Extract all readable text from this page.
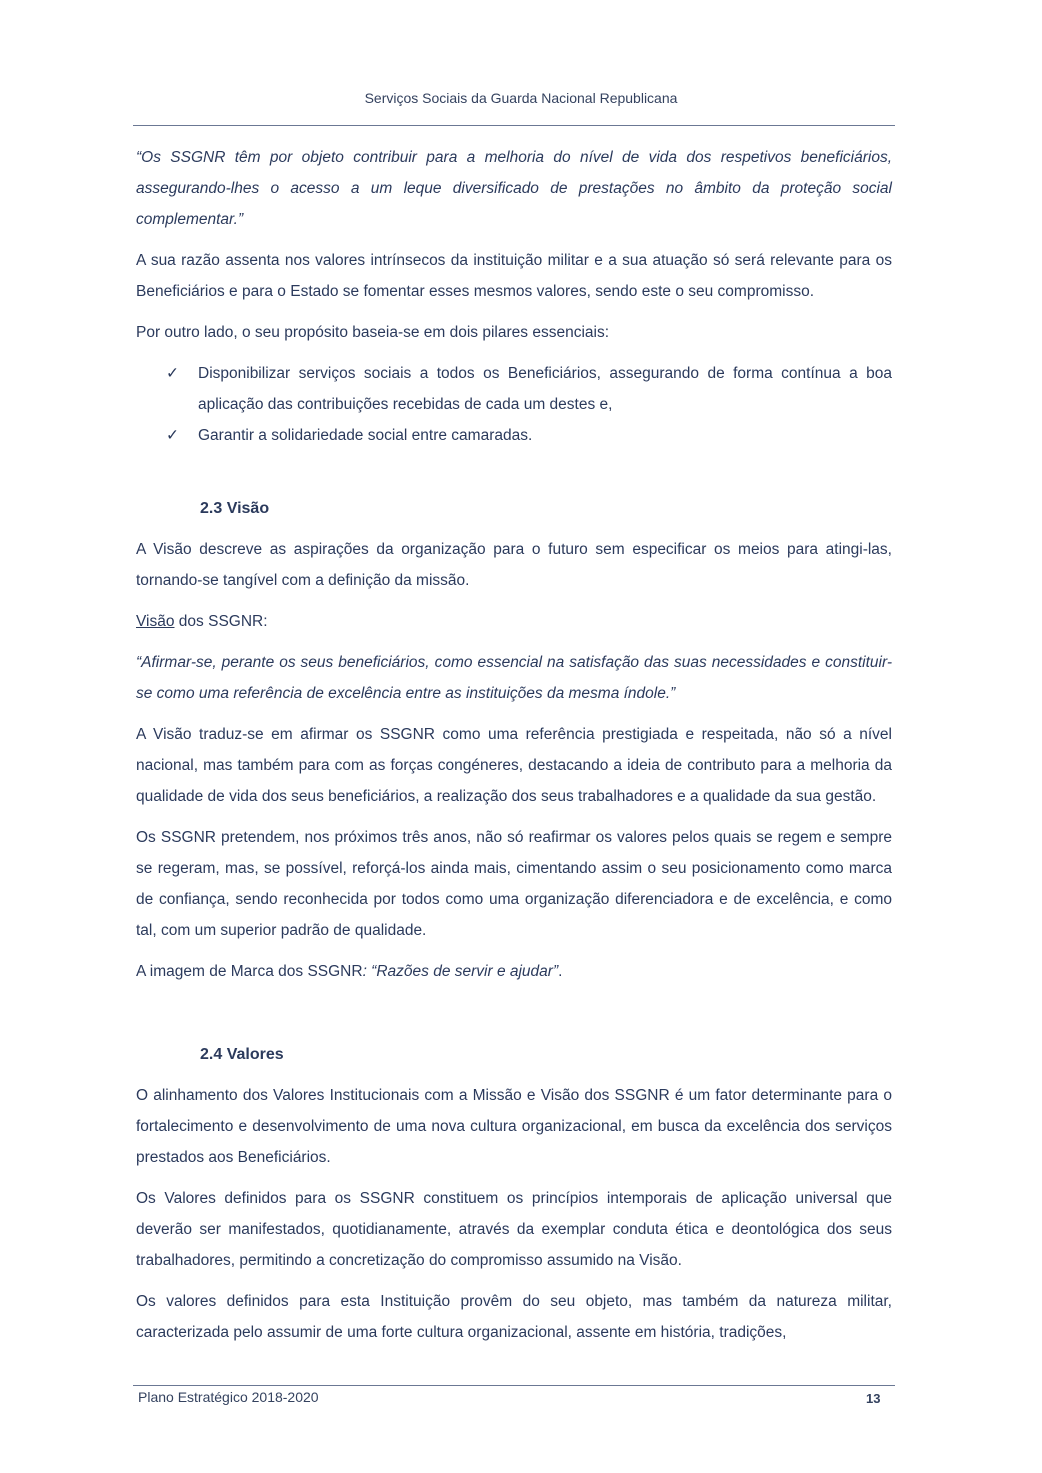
Serviços Sociais da Guarda Nacional Republicana

“Os SSGNR têm por objeto contribuir para a melhoria do nível de vida dos respetivos beneficiários, assegurando-lhes o acesso a um leque diversificado de prestações no âmbito da proteção social complementar.”

A sua razão assenta nos valores intrínsecos da instituição militar e a sua atuação só será relevante para os Beneficiários e para o Estado se fomentar esses mesmos valores, sendo este o seu compromisso.

Por outro lado, o seu propósito baseia-se em dois pilares essenciais:

✓ Disponibilizar serviços sociais a todos os Beneficiários, assegurando de forma contínua a boa aplicação das contribuições recebidas de cada um destes e,
✓ Garantir a solidariedade social entre camaradas.
2.3 Visão

A Visão descreve as aspirações da organização para o futuro sem especificar os meios para atingi-las, tornando-se tangível com a definição da missão.

Visão dos SSGNR:

“Afirmar-se, perante os seus beneficiários, como essencial na satisfação das suas necessidades e constituir-se como uma referência de excelência entre as instituições da mesma índole.”

A Visão traduz-se em afirmar os SSGNR como uma referência prestigiada e respeitada, não só a nível nacional, mas também para com as forças congéneres, destacando a ideia de contributo para a melhoria da qualidade de vida dos seus beneficiários, a realização dos seus trabalhadores e a qualidade da sua gestão.

Os SSGNR pretendem, nos próximos três anos, não só reafirmar os valores pelos quais se regem e sempre se regeram, mas, se possível, reforçá-los ainda mais, cimentando assim o seu posicionamento como marca de confiança, sendo reconhecida por todos como uma organização diferenciadora e de excelência, e como tal, com um superior padrão de qualidade.

A imagem de Marca dos SSGNR: “Razões de servir e ajudar”.

2.4 Valores

O alinhamento dos Valores Institucionais com a Missão e Visão dos SSGNR é um fator determinante para o fortalecimento e desenvolvimento de uma nova cultura organizacional, em busca da excelência dos serviços prestados aos Beneficiários.

Os Valores definidos para os SSGNR constituem os princípios intemporais de aplicação universal que deverão ser manifestados, quotidianamente, através da exemplar conduta ética e deontológica dos seus trabalhadores, permitindo a concretização do compromisso assumido na Visão.

Os valores definidos para esta Instituição provêm do seu objeto, mas também da natureza militar, caracterizada pelo assumir de uma forte cultura organizacional, assente em história, tradições,

Plano Estratégico 2018-2020	13
